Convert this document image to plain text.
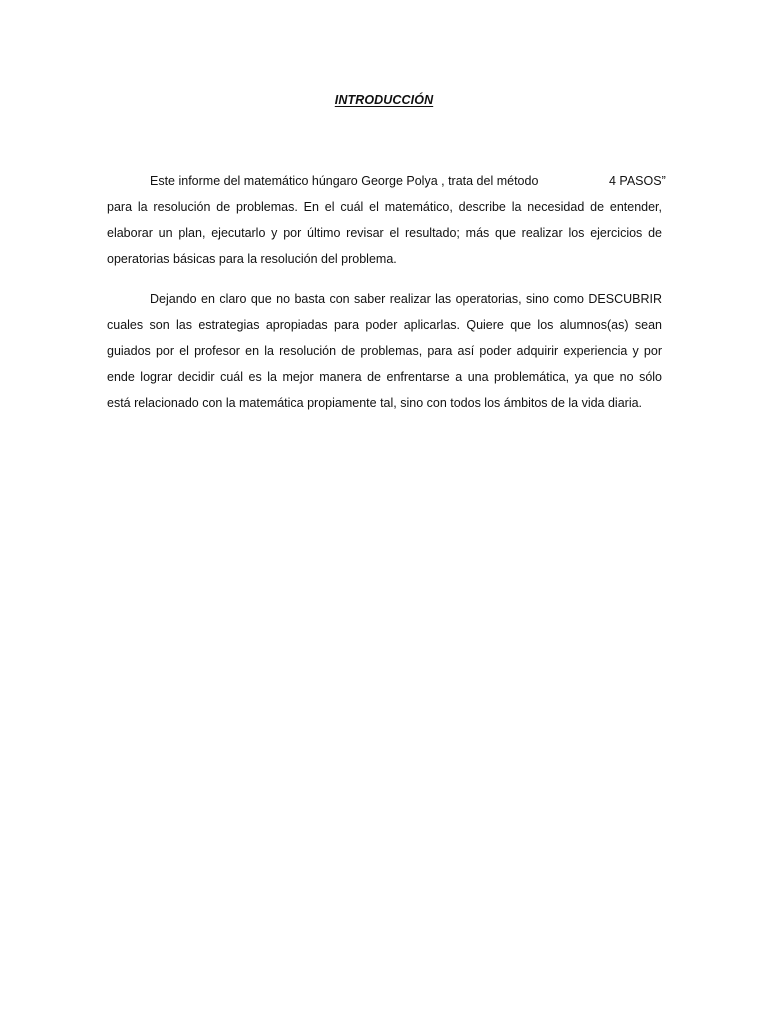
INTRODUCCIÓN
Este informe del matemático húngaro George Polya , trata del método	4 PASOS”
para la resolución de problemas. En el cuál el matemático, describe la necesidad de entender,
elaborar un plan, ejecutarlo y por último revisar el resultado; más que realizar los ejercicios de
operatorias básicas para la resolución del problema.
Dejando en claro que no basta con saber realizar las operatorias, sino como DESCUBRIR
cuales son las estrategias apropiadas para poder aplicarlas. Quiere que los alumnos(as) sean
guiados por el profesor en la resolución de problemas, para así poder adquirir experiencia y por
ende lograr decidir cuál es la mejor manera de enfrentarse a una problemática, ya que no sólo
está relacionado con la matemática propiamente tal, sino con todos los ámbitos de la vida diaria.
